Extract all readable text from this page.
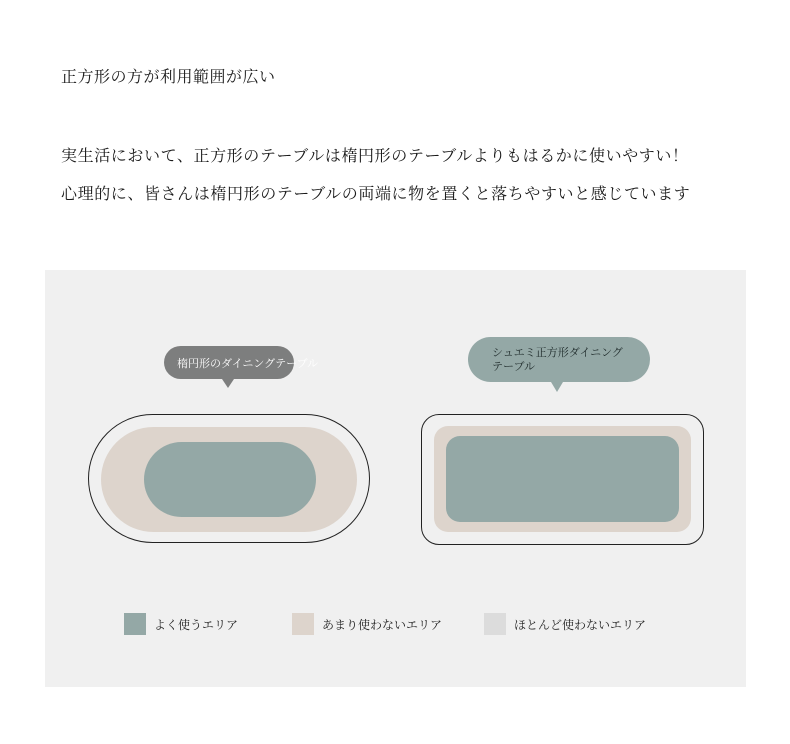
正方形の方が利用範囲が広い
実生活において、正方形のテーブルは楕円形のテーブルよりもはるかに使いやすい！
心理的に、皆さんは楕円形のテーブルの両端に物を置くと落ちやすいと感じています
楕円形のダイニングテーブル
シュエミ正方形ダイニングテーブル
よく使うエリア	あまり使わないエリア	ほとんど使わないエリア
